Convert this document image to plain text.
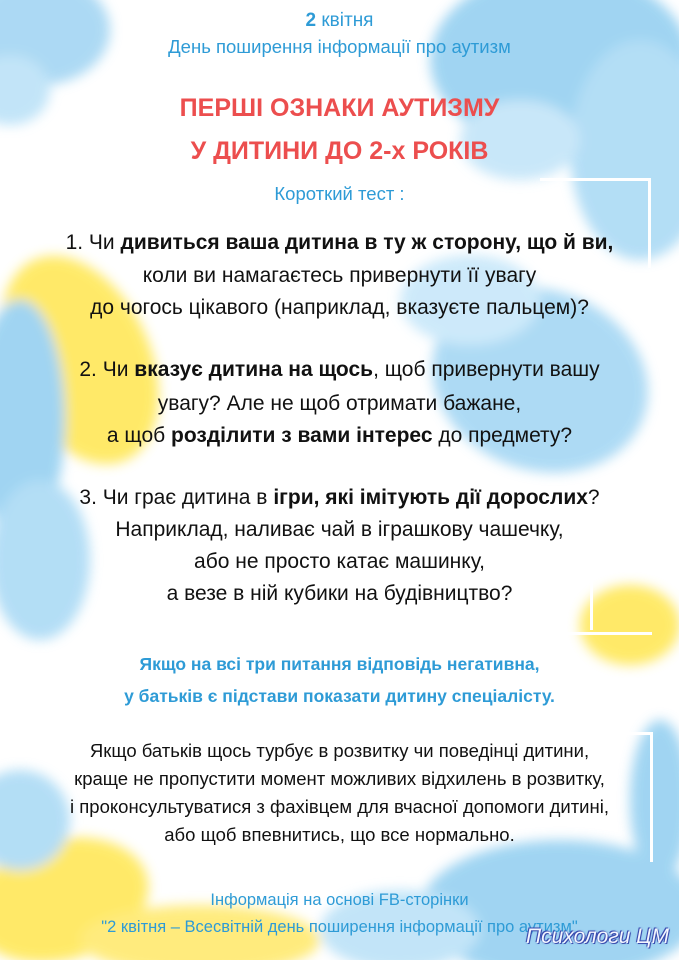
2 квітня
День поширення інформації про аутизм
ПЕРШІ ОЗНАКИ АУТИЗМУ
У ДИТИНИ ДО 2-х РОКІВ
Короткий тест :
1. Чи дивиться ваша дитина в ту ж сторону, що й ви,
коли ви намагаєтесь привернути її увагу
до чогось цікавого (наприклад, вказуєте пальцем)?
2. Чи вказує дитина на щось, щоб привернути вашу
увагу? Але не щоб отримати бажане,
а щоб розділити з вами інтерес до предмету?
3. Чи грає дитина в ігри, які імітують дії дорослих?
Наприклад, наливає чай в іграшкову чашечку,
або не просто катає машинку,
а везе в ній кубики на будівництво?
Якщо на всі три питання відповідь негативна,
у батьків є підстави показати дитину спеціалісту.
Якщо батьків щось турбує в розвитку чи поведінці дитини,
краще не пропустити момент можливих відхилень в розвитку,
і проконсультуватися з фахівцем для вчасної допомоги дитині,
або щоб впевнитись, що все нормально.
Інформація на основі FB-сторінки
"2 квітня – Всесвітній день поширення інформації про аутизм"
Психологи ЦМ
